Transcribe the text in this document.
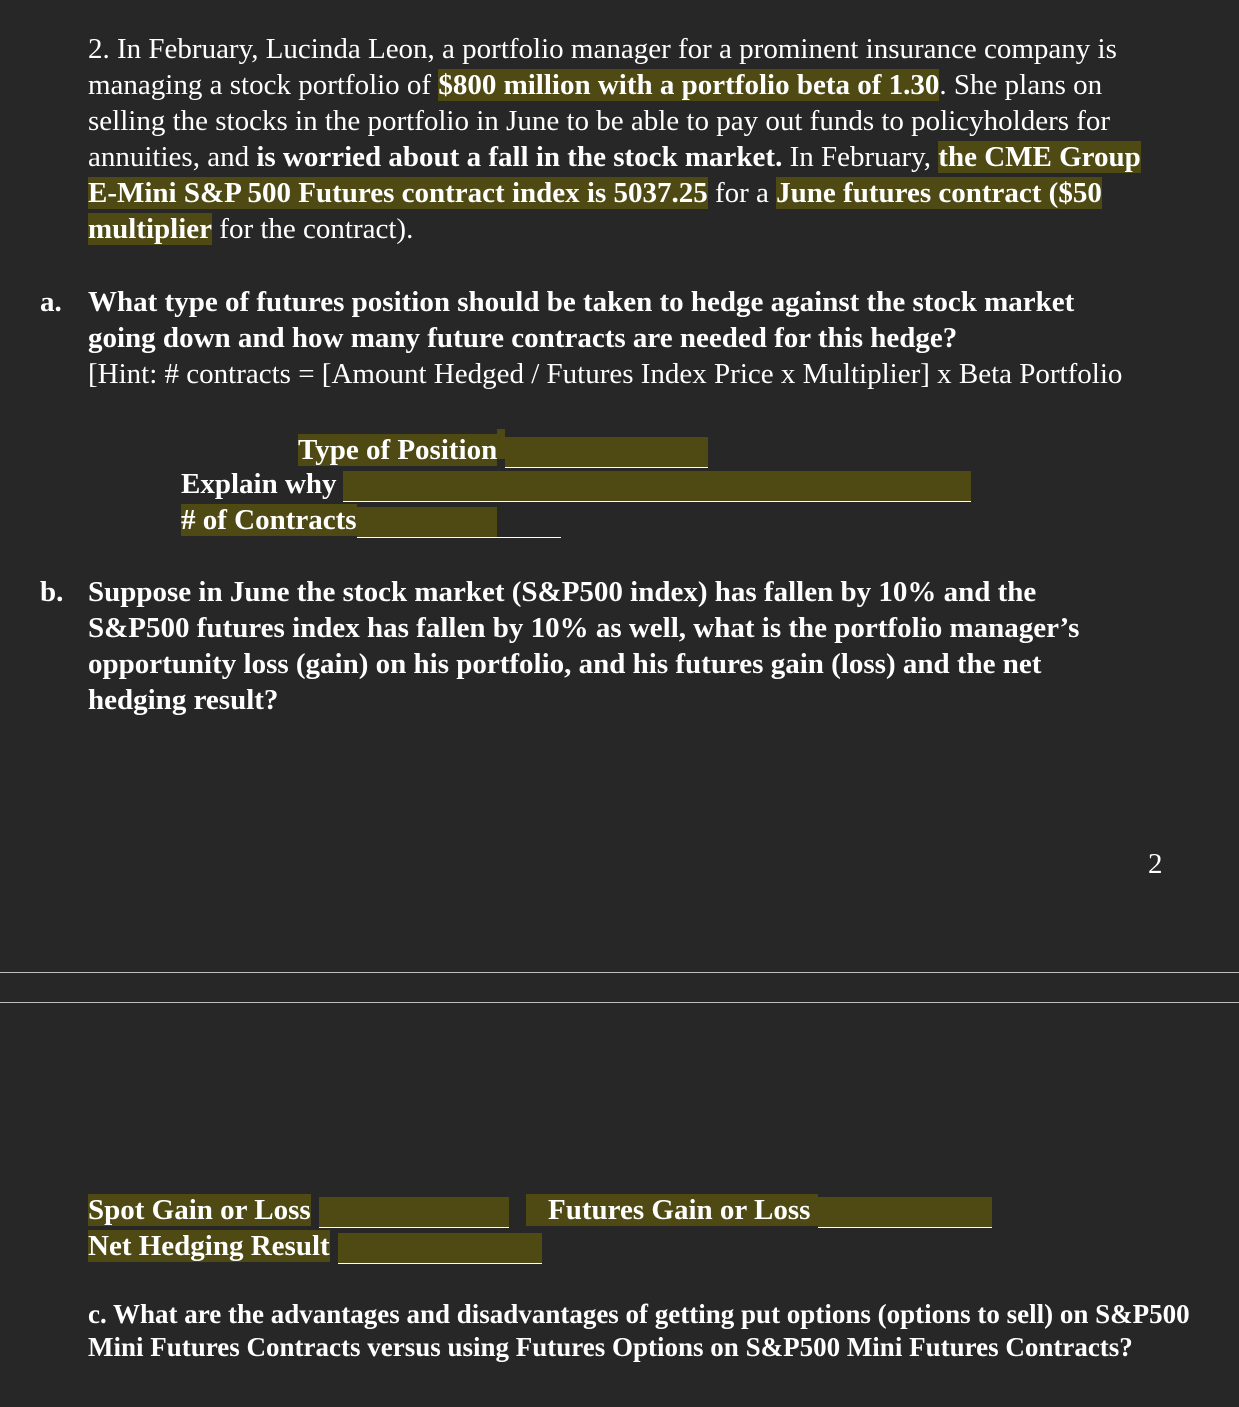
2. In February, Lucinda Leon, a portfolio manager for a prominent insurance company is managing a stock portfolio of $800 million with a portfolio beta of 1.30. She plans on selling the stocks in the portfolio in June to be able to pay out funds to policyholders for annuities, and is worried about a fall in the stock market. In February, the CME Group E-Mini S&P 500 Futures contract index is 5037.25 for a June futures contract ($50 multiplier for the contract).
a. What type of futures position should be taken to hedge against the stock market going down and how many future contracts are needed for this hedge?
[Hint: # contracts = [Amount Hedged / Futures Index Price x Multiplier] x Beta Portfolio
Type of Position
Explain why
# of Contracts
b. Suppose in June the stock market (S&P500 index) has fallen by 10% and the S&P500 futures index has fallen by 10% as well, what is the portfolio manager’s opportunity loss (gain) on his portfolio, and his futures gain (loss) and the net hedging result?
2
Spot Gain or Loss	Futures Gain or Loss
Net Hedging Result
c. What are the advantages and disadvantages of getting put options (options to sell) on S&P500 Mini Futures Contracts versus using Futures Options on S&P500 Mini Futures Contracts?
